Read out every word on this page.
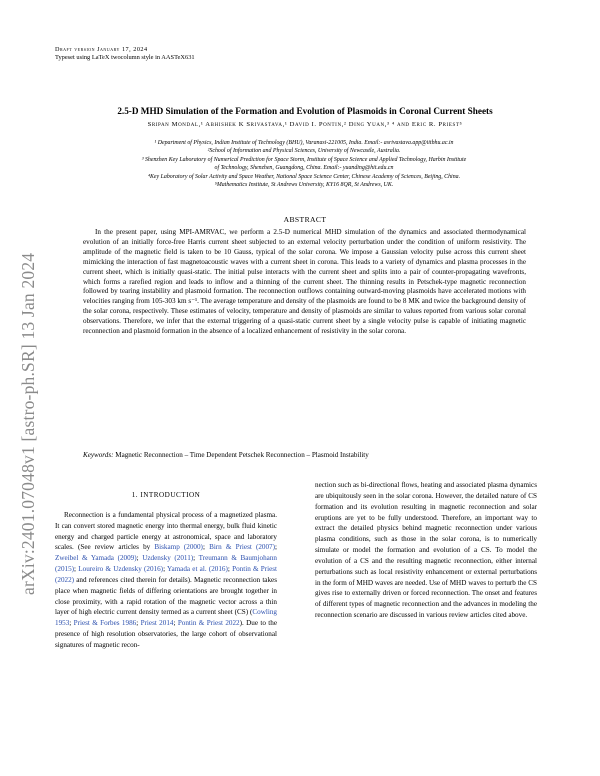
Draft version January 17, 2024
Typeset using LaTeX twocolumn style in AASTeX631
arXiv:2401.07048v1 [astro-ph.SR] 13 Jan 2024
2.5-D MHD Simulation of the Formation and Evolution of Plasmoids in Coronal Current Sheets
Sripan Mondal,¹ Abhishek K Srivastava,¹ David I. Pontin,² Ding Yuan,³ ⁴ and Eric R. Priest⁵
¹ Department of Physics, Indian Institute of Technology (BHU), Varanasi-221005, India. Email:- asrivastava.app@iitbhu.ac.in
²School of Information and Physical Sciences, University of Newcastle, Australia.
³ Shenzhen Key Laboratory of Numerical Prediction for Space Storm, Institute of Space Science and Applied Technology, Harbin Institute
of Technology, Shenzhen, Guangdong, China. Email:- yuanding@hit.edu.cn
⁴Key Laboratory of Solar Activity and Space Weather, National Space Science Center, Chinese Academy of Sciences, Beijing, China.
⁵Mathematics Institute, St Andrews University, KY16 8QR, St Andrews, UK.
ABSTRACT
In the present paper, using MPI-AMRVAC, we perform a 2.5-D numerical MHD simulation of the dynamics and associated thermodynamical evolution of an initially force-free Harris current sheet subjected to an external velocity perturbation under the condition of uniform resistivity. The amplitude of the magnetic field is taken to be 10 Gauss, typical of the solar corona. We impose a Gaussian velocity pulse across this current sheet mimicking the interaction of fast magnetoacoustic waves with a current sheet in corona. This leads to a variety of dynamics and plasma processes in the current sheet, which is initially quasi-static. The initial pulse interacts with the current sheet and splits into a pair of counter-propagating wavefronts, which forms a rarefied region and leads to inflow and a thinning of the current sheet. The thinning results in Petschek-type magnetic reconnection followed by tearing instability and plasmoid formation. The reconnection outflows containing outward-moving plasmoids have accelerated motions with velocities ranging from 105-303 km s⁻¹. The average temperature and density of the plasmoids are found to be 8 MK and twice the background density of the solar corona, respectively. These estimates of velocity, temperature and density of plasmoids are similar to values reported from various solar coronal observations. Therefore, we infer that the external triggering of a quasi-static current sheet by a single velocity pulse is capable of initiating magnetic reconnection and plasmoid formation in the absence of a localized enhancement of resistivity in the solar corona.
Keywords: Magnetic Reconnection – Time Dependent Petschek Reconnection – Plasmoid Instability
1. INTRODUCTION
Reconnection is a fundamental physical process of a magnetized plasma. It can convert stored magnetic energy into thermal energy, bulk fluid kinetic energy and charged particle energy at astronomical, space and laboratory scales. (See review articles by Biskamp (2000); Birn & Priest (2007); Zweibel & Yamada (2009); Uzdensky (2011); Treumann & Baumjohann (2015); Loureiro & Uzdensky (2016); Yamada et al. (2016); Pontin & Priest (2022) and references cited therein for details). Magnetic reconnection takes place when magnetic fields of differing orientations are brought together in close proximity, with a rapid rotation of the magnetic vector across a thin layer of high electric current density termed as a current sheet (CS) (Cowling 1953; Priest & Forbes 1986; Priest 2014; Pontin & Priest 2022). Due to the presence of high resolution observatories, the large cohort of observational signatures of magnetic recon-
nection such as bi-directional flows, heating and associated plasma dynamics are ubiquitously seen in the solar corona. However, the detailed nature of CS formation and its evolution resulting in magnetic reconnection and solar eruptions are yet to be fully understood. Therefore, an important way to extract the detailed physics behind magnetic reconnection under various plasma conditions, such as those in the solar corona, is to numerically simulate or model the formation and evolution of a CS. To model the evolution of a CS and the resulting magnetic reconnection, either internal perturbations such as local resistivity enhancement or external perturbations in the form of MHD waves are needed. Use of MHD waves to perturb the CS gives rise to externally driven or forced reconnection. The onset and features of different types of magnetic reconnection and the advances in modeling the reconnection scenario are discussed in various review articles cited above.
